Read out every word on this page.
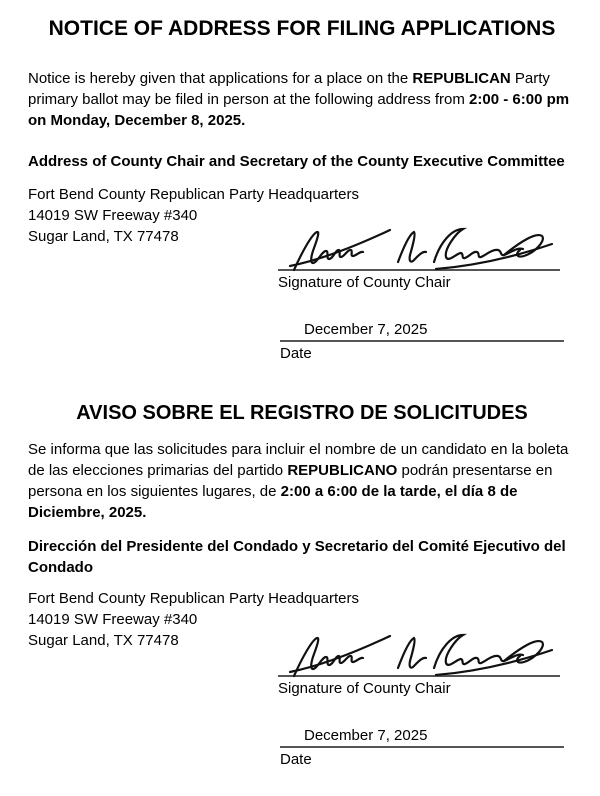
NOTICE OF ADDRESS FOR FILING APPLICATIONS

Notice is hereby given that applications for a place on the REPUBLICAN Party primary ballot may be filed in person at the following address from 2:00 - 6:00 pm on Monday, December 8, 2025.

Address of County Chair and Secretary of the County Executive Committee
Fort Bend County Republican Party Headquarters
14019 SW Freeway #340
Sugar Land, TX 77478
Signature of County Chair
December 7, 2025
Date
AVISO SOBRE EL REGISTRO DE SOLICITUDES

Se informa que las solicitudes para incluir el nombre de un candidato en la boleta de las elecciones primarias del partido REPUBLICANO podrán presentarse en persona en los siguientes lugares, de 2:00 a 6:00 de la tarde, el día 8 de Diciembre, 2025.

Dirección del Presidente del Condado y Secretario del Comité Ejecutivo del
Condado
Fort Bend County Republican Party Headquarters
14019 SW Freeway #340
Sugar Land, TX 77478
Signature of County Chair
December 7, 2025
Date
